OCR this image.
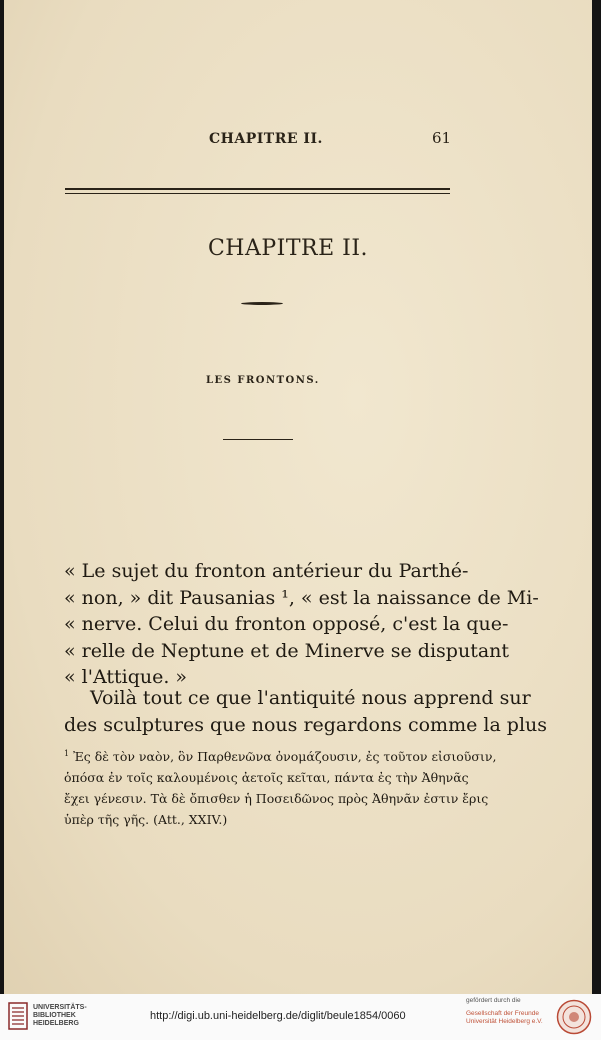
CHAPITRE II.	61
CHAPITRE II.
LES FRONTONS.
« Le sujet du fronton antérieur du Parthé-
« non, » dit Pausanias ¹, « est la naissance de Mi-
« nerve. Celui du fronton opposé, c'est la que-
« relle de Neptune et de Minerve se disputant
« l'Attique. »
Voilà tout ce que l'antiquité nous apprend sur
des sculptures que nous regardons comme la plus
$^1$ Ἐς δὲ τὸν ναὸν, ὃν Παρθενῶνα ὀνομάζουσιν, ἐς τοῦτον εἰσιοῦσιν,
ὁπόσα ἐν τοῖς καλουμένοις ἀετοῖς κεῖται, πάντα ἐς τὴν Ἀθηνᾶς
ἔχει γένεσιν. Τὰ δὲ ὄπισθεν ἡ Ποσειδῶνος πρὸς Ἀθηνᾶν ἐστιν ἔρις
ὑπὲρ τῆς γῆς. (Att., XXIV.)
UNIVERSITÄTS-
BIBLIOTHEK
HEIDELBERG
http://digi.ub.uni-heidelberg.de/diglit/beule1854/0060
gefördert durch die
Gesellschaft der Freunde
Universität Heidelberg e.V.
